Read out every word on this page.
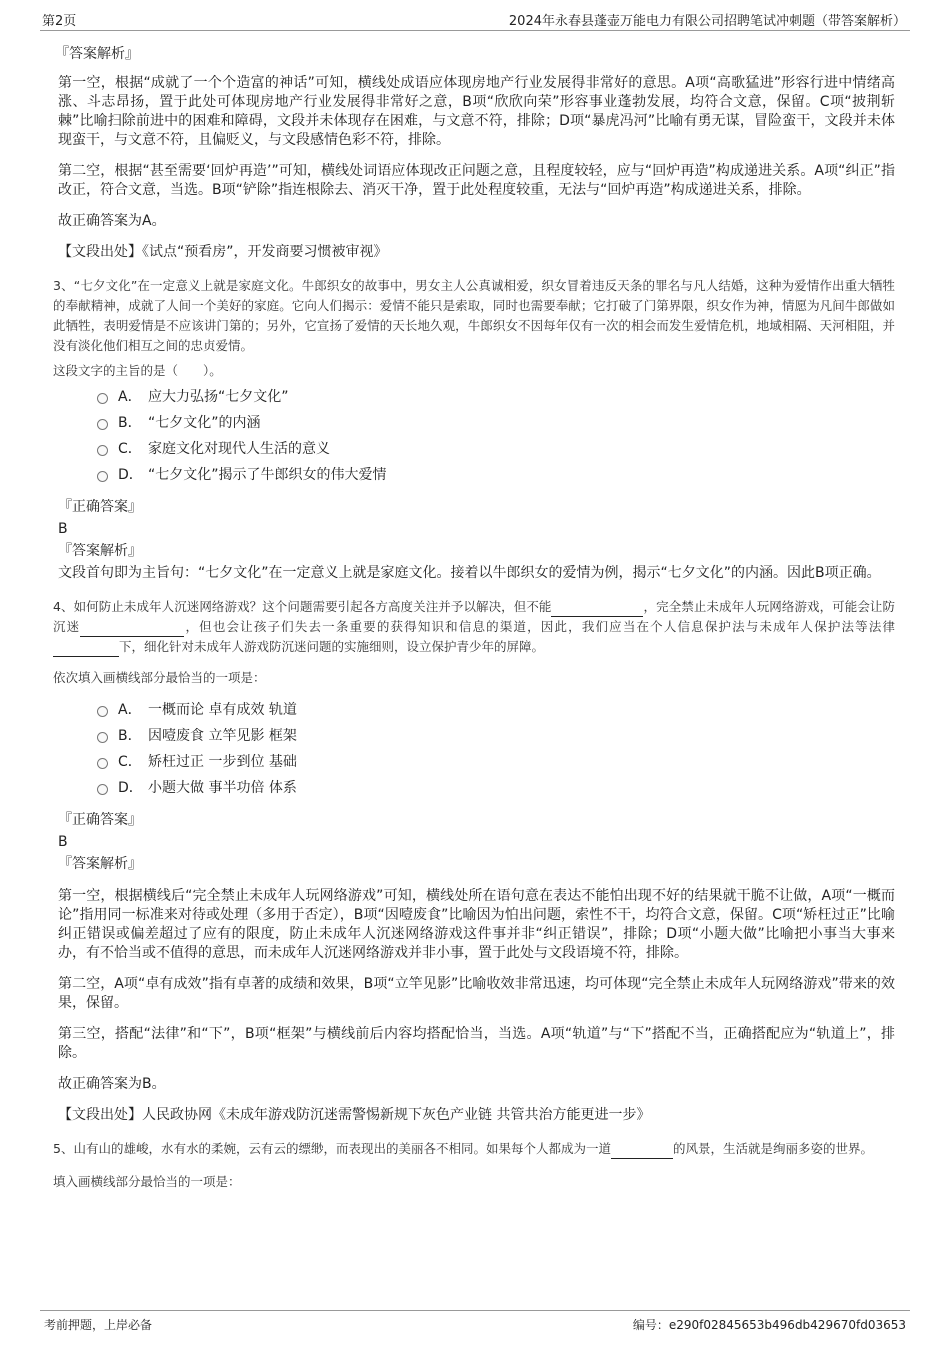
第2页	2024年永春县蓬壶万能电力有限公司招聘笔试冲刺题（带答案解析）
『答案解析』

第一空，根据“成就了一个个造富的神话”可知，横线处成语应体现房地产行业发展得非常好的意思。A项“高歌猛进”形容行进中情绪高涨、斗志昂扬，置于此处可体现房地产行业发展得非常好之意，B项“欣欣向荣”形容事业蓬勃发展，均符合文意，保留。C项“披荆斩棘”比喻扫除前进中的困难和障碍，文段并未体现存在困难，与文意不符，排除；D项“暴虎冯河”比喻有勇无谋，冒险蛮干，文段并未体现蛮干，与文意不符，且偏贬义，与文段感情色彩不符，排除。

第二空，根据“甚至需要‘回炉再造’”可知，横线处词语应体现改正问题之意，且程度较轻，应与“回炉再造”构成递进关系。A项“纠正”指改正，符合文意，当选。B项“铲除”指连根除去、消灭干净，置于此处程度较重，无法与“回炉再造”构成递进关系，排除。

故正确答案为A。

【文段出处】《试点“预看房”，开发商要习惯被审视》

3、“七夕文化”在一定意义上就是家庭文化。牛郎织女的故事中，男女主人公真诚相爱，织女冒着违反天条的罪名与凡人结婚，这种为爱情作出重大牺牲的奉献精神，成就了人间一个美好的家庭。它向人们揭示：爱情不能只是索取，同时也需要奉献；它打破了门第界限，织女作为神，情愿为凡间牛郎做如此牺牲，表明爱情是不应该讲门第的；另外，它宣扬了爱情的天长地久观，牛郎织女不因每年仅有一次的相会而发生爱情危机，地域相隔、天河相阻，并没有淡化他们相互之间的忠贞爱情。
这段文字的主旨的是（　　）。
A． 应大力弘扬“七夕文化”
B． “七夕文化”的内涵
C． 家庭文化对现代人生活的意义
D． “七夕文化”揭示了牛郎织女的伟大爱情
『正确答案』
B
『答案解析』

文段首句即为主旨句：“七夕文化”在一定意义上就是家庭文化。接着以牛郎织女的爱情为例，揭示“七夕文化”的内涵。因此B项正确。

4、如何防止未成年人沉迷网络游戏？这个问题需要引起各方高度关注并予以解决，但不能	，完全禁止未成年人玩网络游戏，可能会让防沉迷	，但也会让孩子们失去一条重要的获得知识和信息的渠道，因此，我们应当在个人信息保护法与未成年人保护法等法律下，细化针对未成年人游戏防沉迷问题的实施细则，设立保护青少年的屏障。
依次填入画横线部分最恰当的一项是：
A． 一概而论 卓有成效 轨道
B． 因噎废食 立竿见影 框架
C． 矫枉过正 一步到位 基础
D． 小题大做 事半功倍 体系
『正确答案』
B
『答案解析』

第一空，根据横线后“完全禁止未成年人玩网络游戏”可知，横线处所在语句意在表达不能怕出现不好的结果就干脆不让做，A项“一概而论”指用同一标准来对待或处理（多用于否定），B项“因噎废食”比喻因为怕出问题，索性不干，均符合文意，保留。C项“矫枉过正”比喻纠正错误或偏差超过了应有的限度，防止未成年人沉迷网络游戏这件事并非“纠正错误”，排除；D项“小题大做”比喻把小事当大事来办，有不恰当或不值得的意思，而未成年人沉迷网络游戏并非小事，置于此处与文段语境不符，排除。

第二空，A项“卓有成效”指有卓著的成绩和效果，B项“立竿见影”比喻收效非常迅速，均可体现“完全禁止未成年人玩网络游戏”带来的效果，保留。

第三空，搭配“法律”和“下”，B项“框架”与横线前后内容均搭配恰当，当选。A项“轨道”与“下”搭配不当，正确搭配应为“轨道上”，排除。

故正确答案为B。

【文段出处】人民政协网《未成年游戏防沉迷需警惕新规下灰色产业链 共管共治方能更进一步》

5、山有山的雄峻，水有水的柔婉，云有云的缥缈，而表现出的美丽各不相同。如果每个人都成为一道	的风景，生活就是绚丽多姿的世界。
填入画横线部分最恰当的一项是：
考前押题，上岸必备	编号：e290f02845653b496db429670fd03653
